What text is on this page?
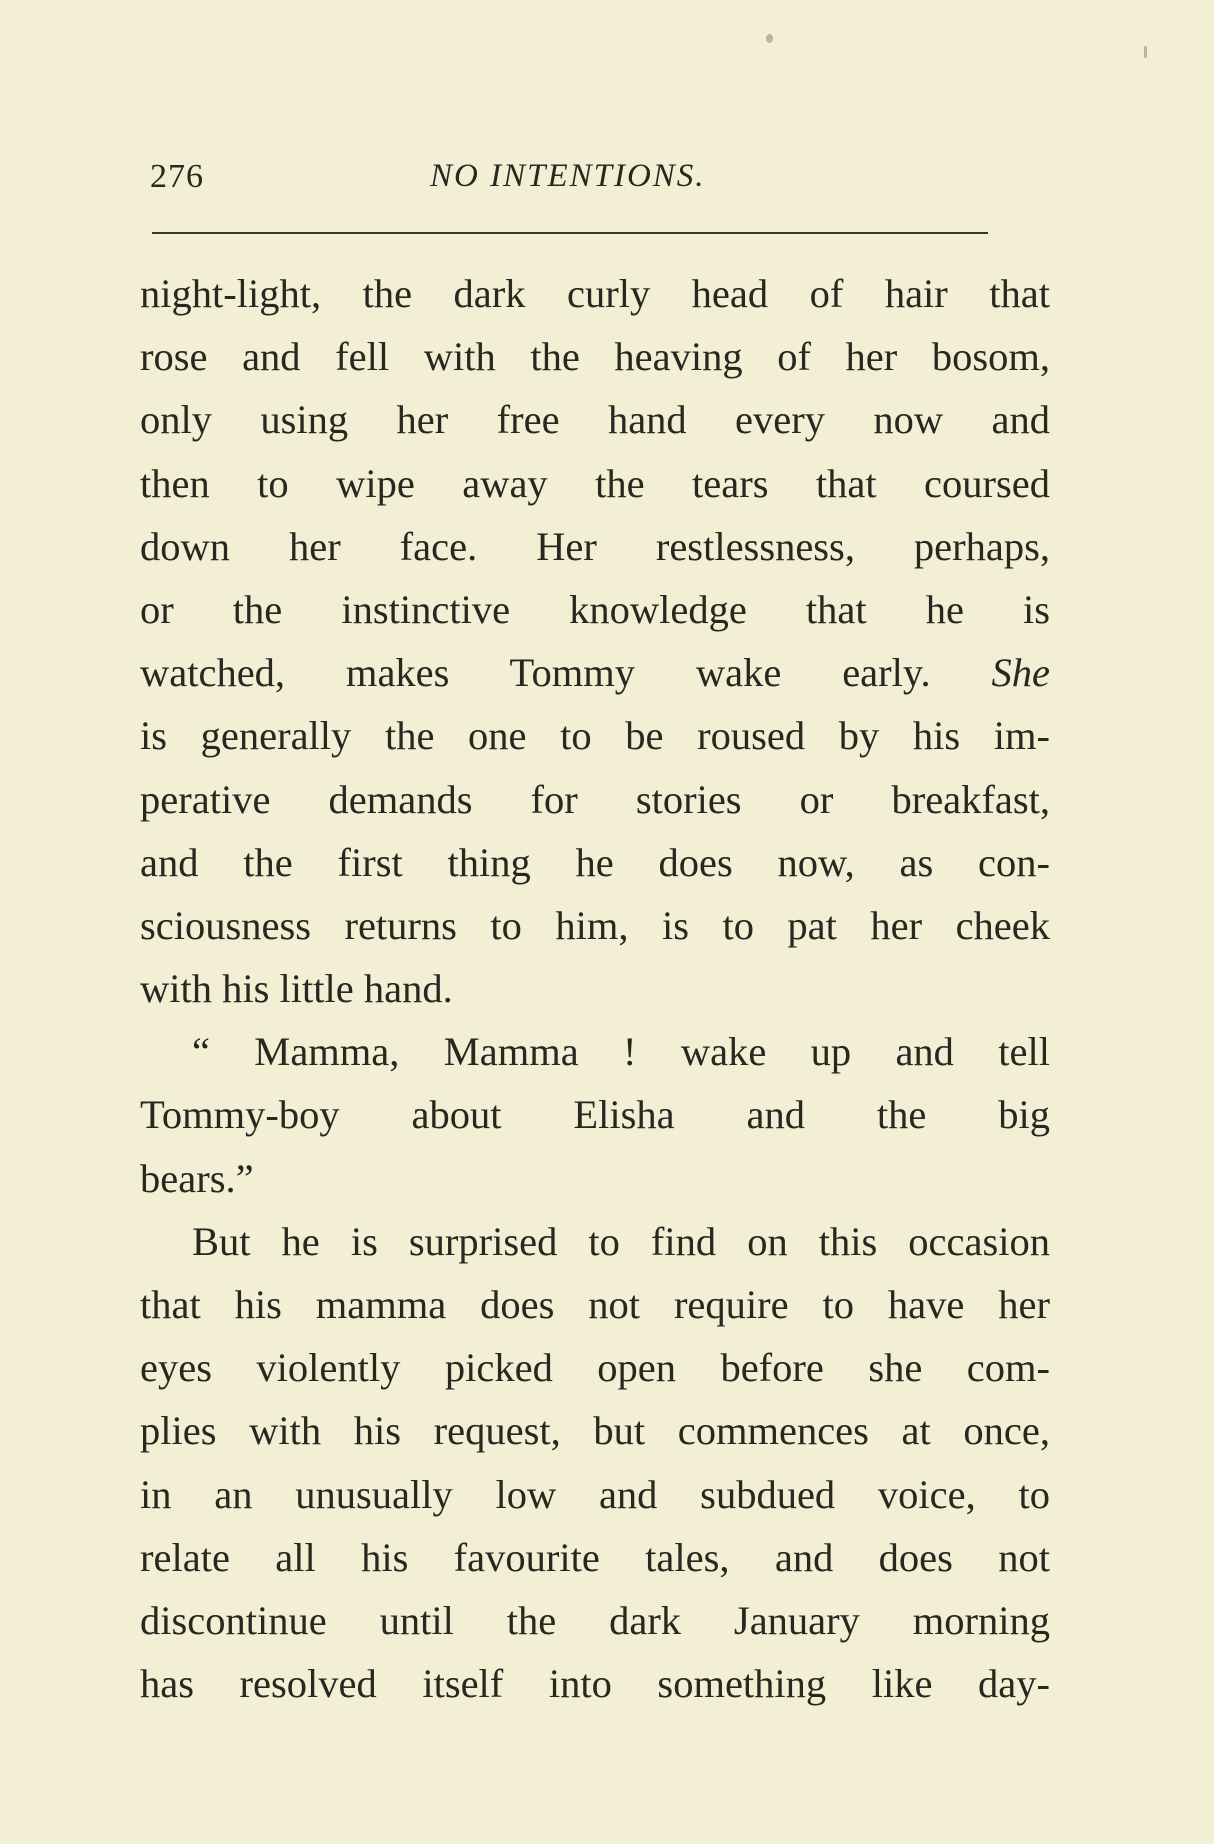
276	NO INTENTIONS.
night-light, the dark curly head of hair that
rose and fell with the heaving of her bosom,
only using her free hand every now and
then to wipe away the tears that coursed
down her face. Her restlessness, perhaps,
or the instinctive knowledge that he is
watched, makes Tommy wake early. She
is generally the one to be roused by his im-
perative demands for stories or breakfast,
and the first thing he does now, as con-
sciousness returns to him, is to pat her cheek
with his little hand.
“ Mamma, Mamma ! wake up and tell
Tommy-boy about Elisha and the big
bears.”
But he is surprised to find on this occasion
that his mamma does not require to have her
eyes violently picked open before she com-
plies with his request, but commences at once,
in an unusually low and subdued voice, to
relate all his favourite tales, and does not
discontinue until the dark January morning
has resolved itself into something like day-
